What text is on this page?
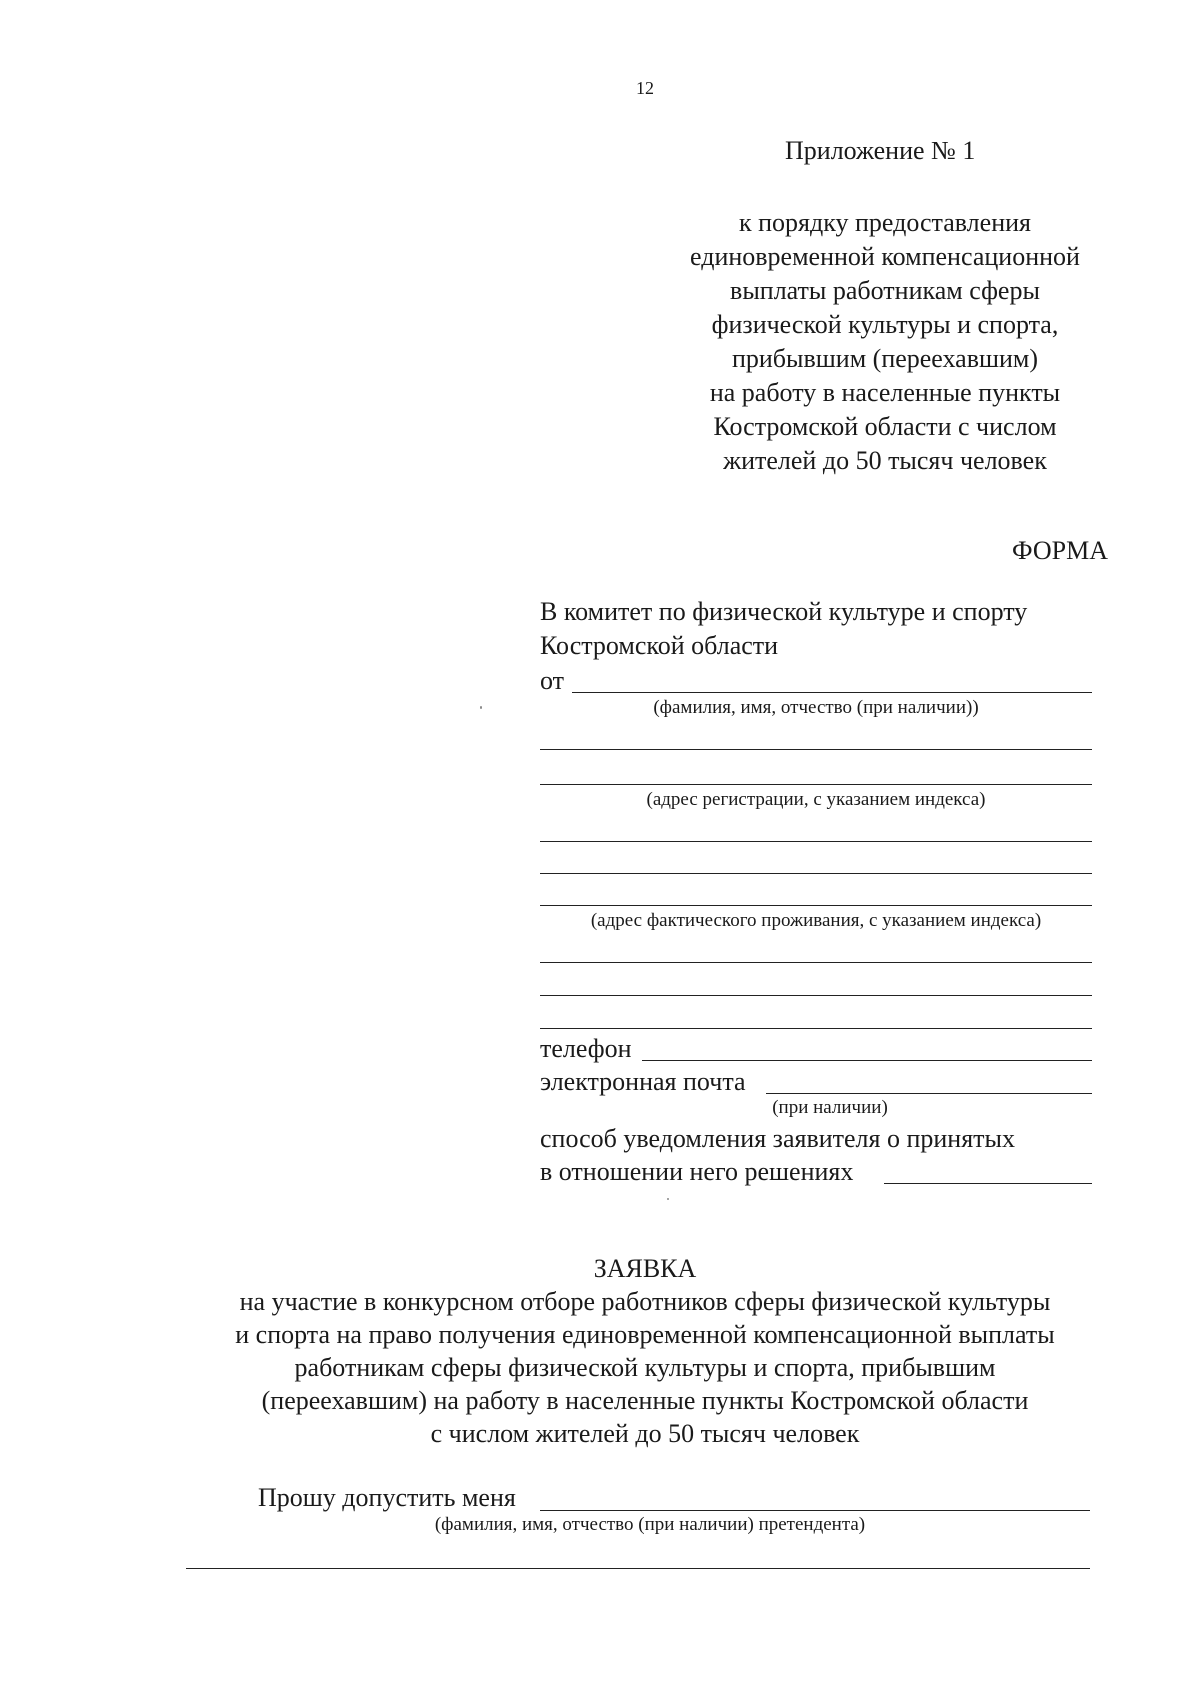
12
Приложение № 1
к порядку предоставления
единовременной компенсационной
выплаты работникам сферы
физической культуры и спорта,
прибывшим (переехавшим)
на работу в населенные пункты
Костромской области с числом
жителей до 50 тысяч человек
ФОРМА
В комитет по физической культуре и спорту
Костромской области
от
(фамилия, имя, отчество (при наличии))
(адрес регистрации, с указанием индекса)
(адрес фактического проживания, с указанием индекса)
телефон
электронная почта
(при наличии)
способ уведомления заявителя о принятых
в отношении него решениях
ЗАЯВКА
на участие в конкурсном отборе работников сферы физической культуры
и спорта на право получения единовременной компенсационной выплаты
работникам сферы физической культуры и спорта, прибывшим
(переехавшим) на работу в населенные пункты Костромской области
с числом жителей до 50 тысяч человек
Прошу допустить меня
(фамилия, имя, отчество (при наличии) претендента)
